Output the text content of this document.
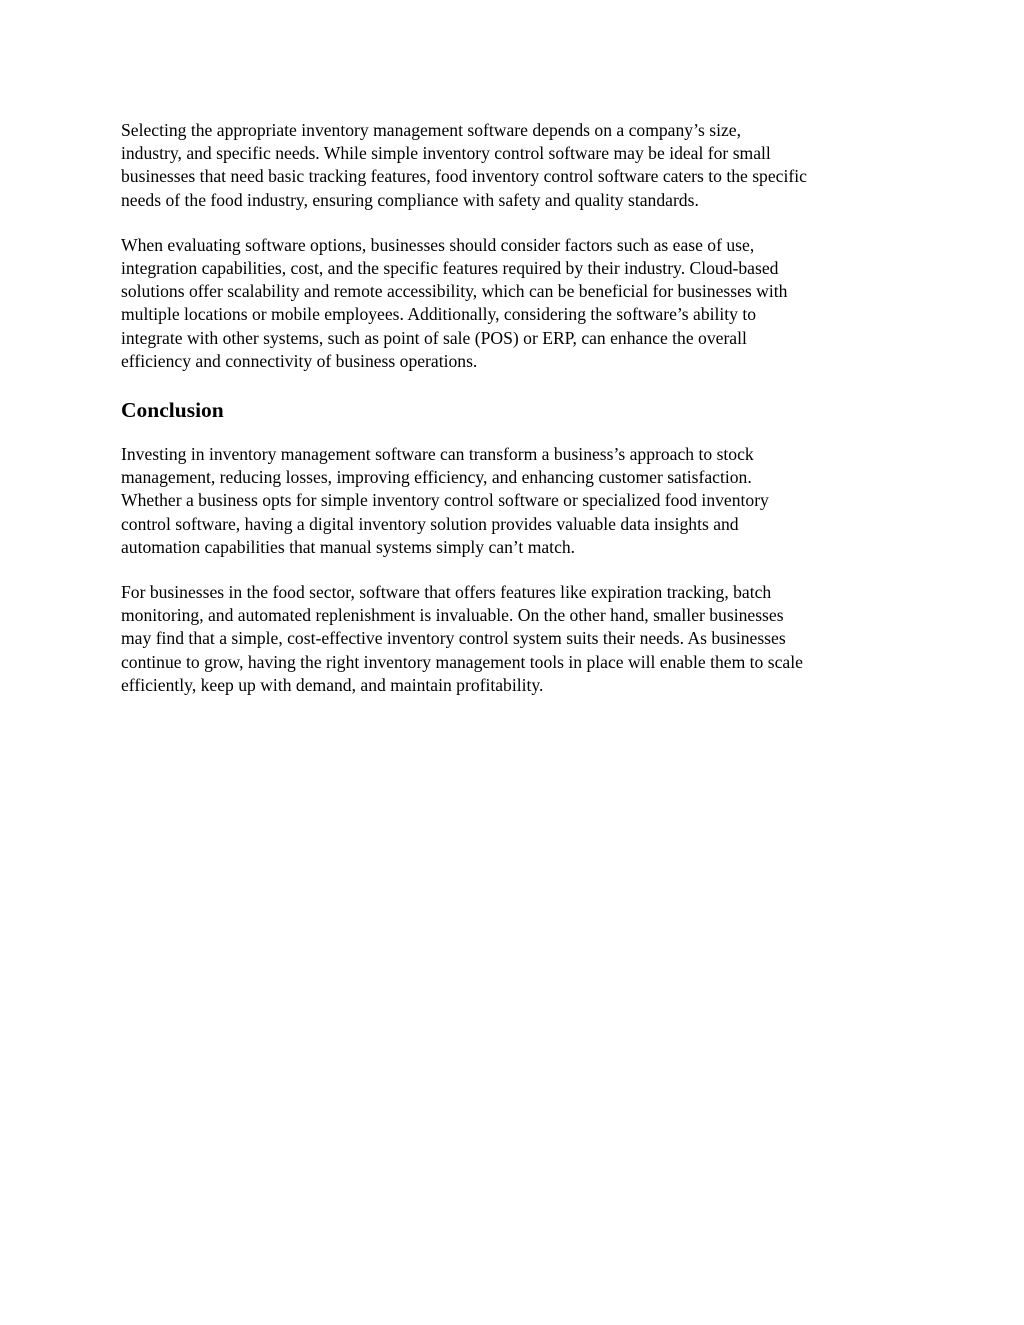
Selecting the appropriate inventory management software depends on a company’s size,
industry, and specific needs. While simple inventory control software may be ideal for small
businesses that need basic tracking features, food inventory control software caters to the specific
needs of the food industry, ensuring compliance with safety and quality standards.

When evaluating software options, businesses should consider factors such as ease of use,
integration capabilities, cost, and the specific features required by their industry. Cloud-based
solutions offer scalability and remote accessibility, which can be beneficial for businesses with
multiple locations or mobile employees. Additionally, considering the software’s ability to
integrate with other systems, such as point of sale (POS) or ERP, can enhance the overall
efficiency and connectivity of business operations.

Conclusion

Investing in inventory management software can transform a business’s approach to stock
management, reducing losses, improving efficiency, and enhancing customer satisfaction.
Whether a business opts for simple inventory control software or specialized food inventory
control software, having a digital inventory solution provides valuable data insights and
automation capabilities that manual systems simply can’t match.

For businesses in the food sector, software that offers features like expiration tracking, batch
monitoring, and automated replenishment is invaluable. On the other hand, smaller businesses
may find that a simple, cost-effective inventory control system suits their needs. As businesses
continue to grow, having the right inventory management tools in place will enable them to scale
efficiently, keep up with demand, and maintain profitability.
